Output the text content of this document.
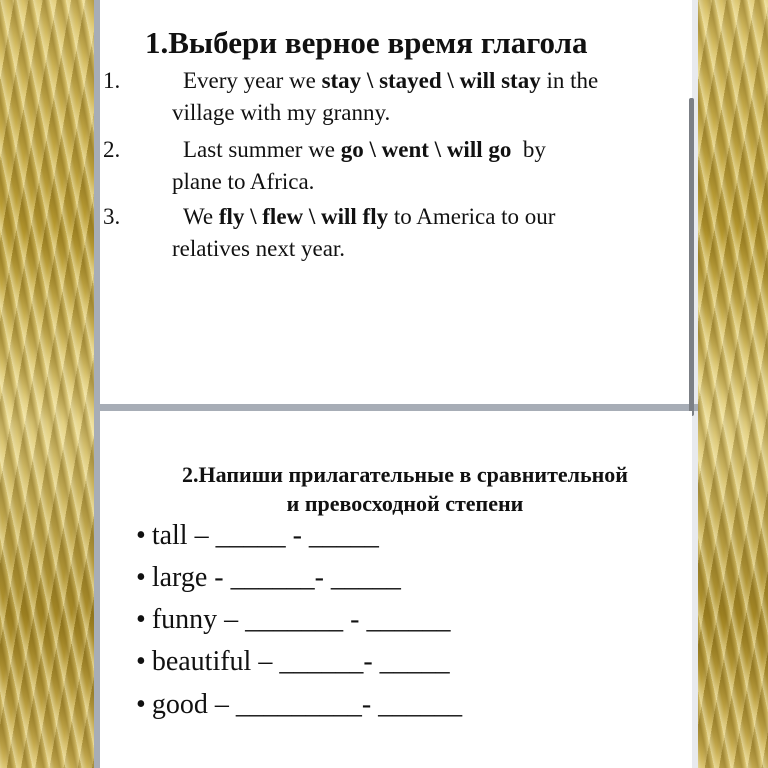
1.Выбери верное время глагола
1.	Every year we stay \ stayed \ will stay in the
village with my granny.
2.	Last summer we go \ went \ will go  by
plane to Africa.
3.	We fly \ flew \ will fly to America to our
relatives next year.
2.Напиши прилагательные в сравнительной
и превосходной степени
• tall – _____ - _____
• large - ______- _____
• funny – _______ - ______
• beautiful – ______- _____
• good – _________- ______
